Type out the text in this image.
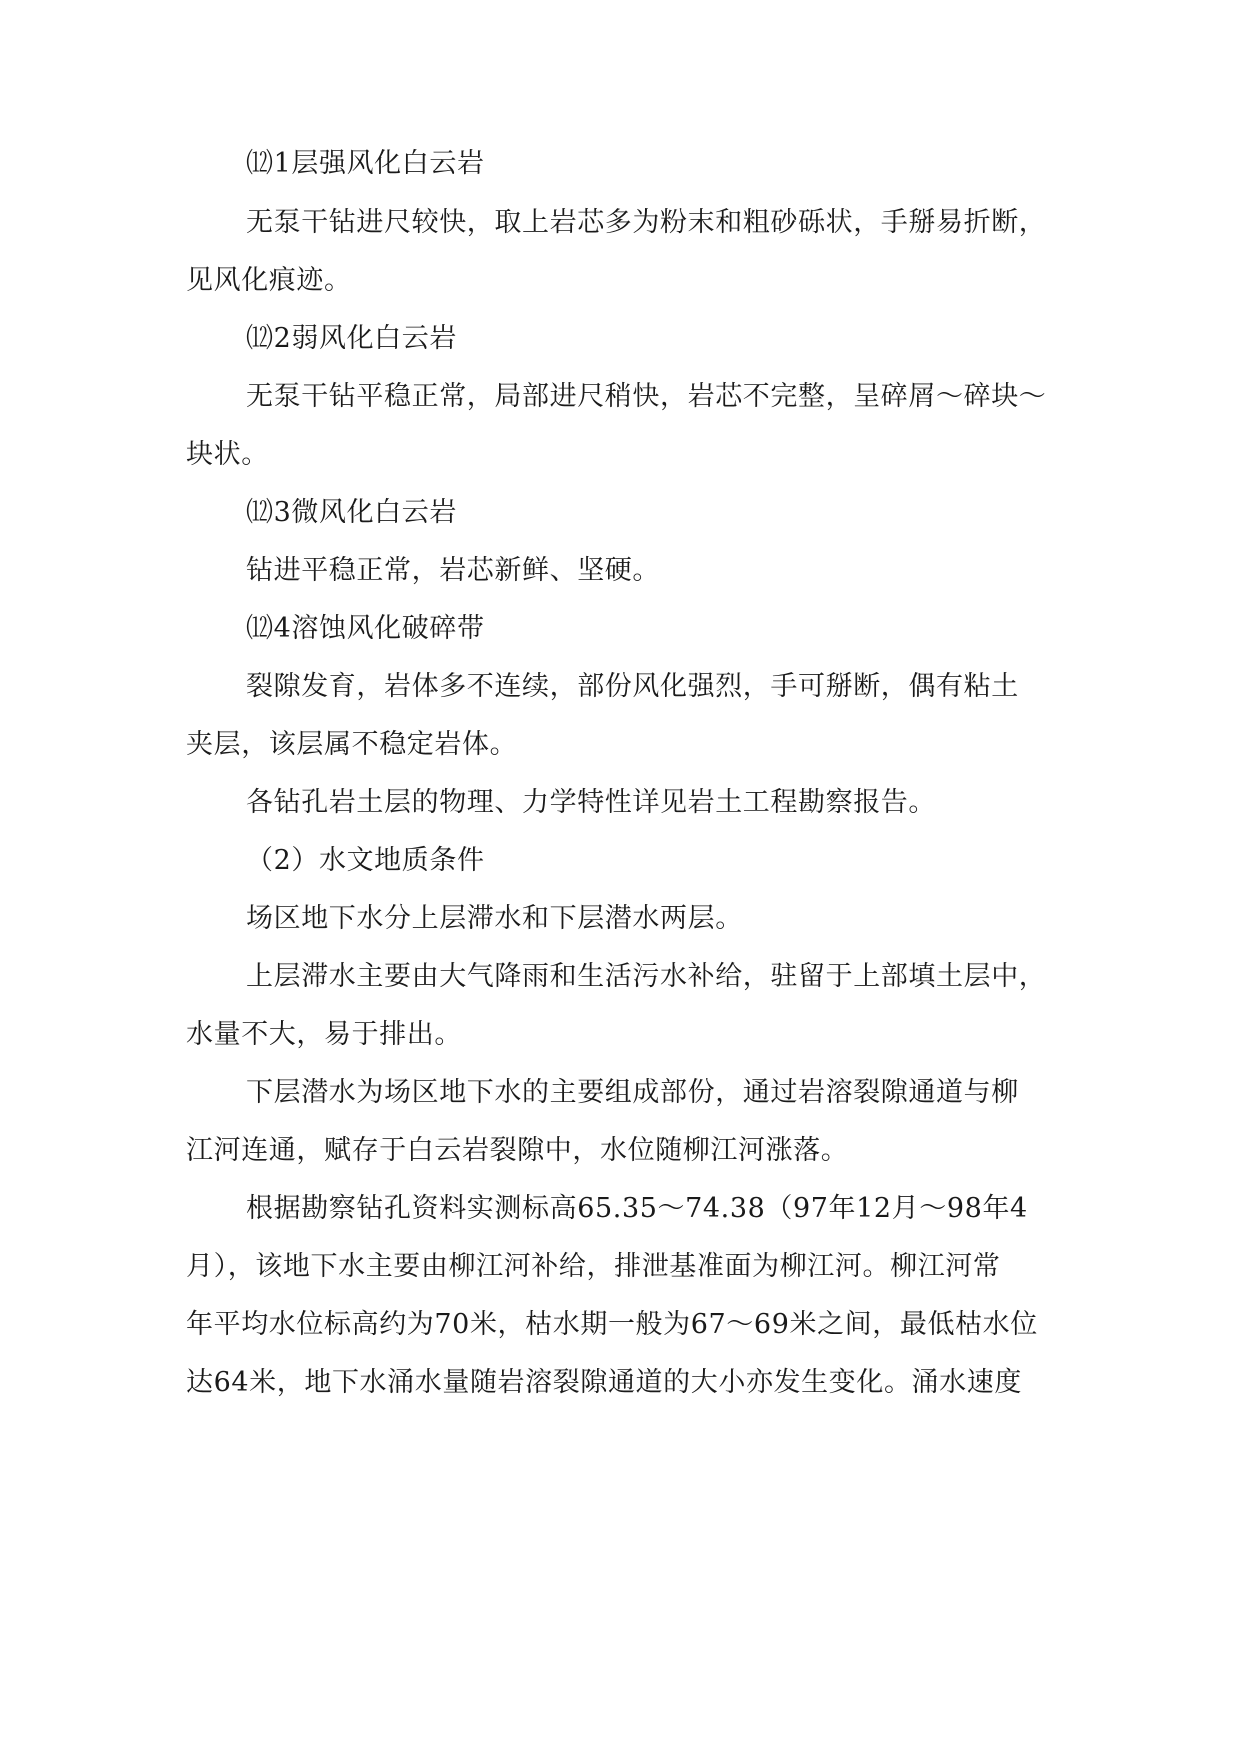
⑿1层强风化白云岩
无泵干钻进尺较快，取上岩芯多为粉末和粗砂砾状，手掰易折断，
见风化痕迹。
⑿2弱风化白云岩
无泵干钻平稳正常，局部进尺稍快，岩芯不完整，呈碎屑～碎块～
块状。
⑿3微风化白云岩
钻进平稳正常，岩芯新鲜、坚硬。
⑿4溶蚀风化破碎带
裂隙发育，岩体多不连续，部份风化强烈，手可掰断，偶有粘土
夹层，该层属不稳定岩体。
各钻孔岩土层的物理、力学特性详见岩土工程勘察报告。
（2）水文地质条件
场区地下水分上层滞水和下层潜水两层。
上层滞水主要由大气降雨和生活污水补给，驻留于上部填土层中，
水量不大，易于排出。
下层潜水为场区地下水的主要组成部份，通过岩溶裂隙通道与柳
江河连通，赋存于白云岩裂隙中，水位随柳江河涨落。
根据勘察钻孔资料实测标高65.35～74.38（97年12月～98年4
月），该地下水主要由柳江河补给，排泄基准面为柳江河。柳江河常
年平均水位标高约为70米，枯水期一般为67～69米之间，最低枯水位
达64米，地下水涌水量随岩溶裂隙通道的大小亦发生变化。涌水速度
